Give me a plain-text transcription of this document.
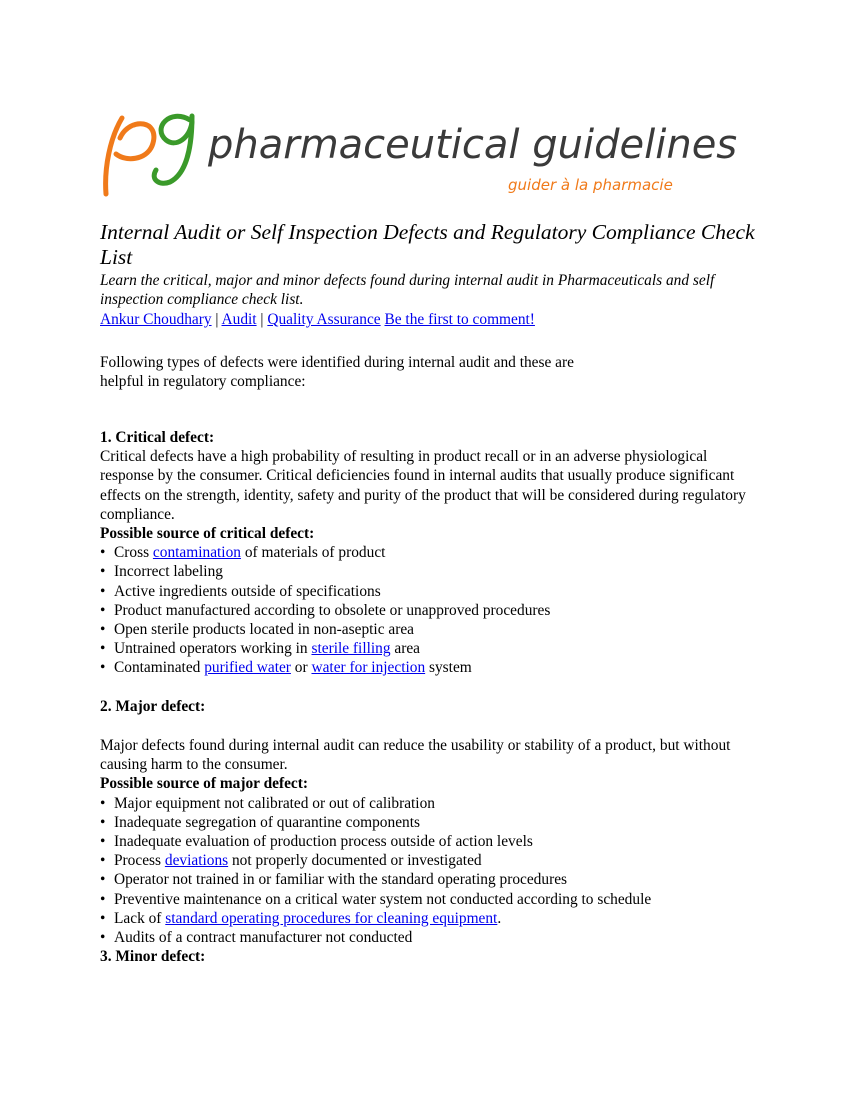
pharmaceutical guidelines
guider à la pharmacie
Internal Audit or Self Inspection Defects and Regulatory Compliance Check List
Learn the critical, major and minor defects found during internal audit in Pharmaceuticals and self inspection compliance check list.
Ankur Choudhary | Audit | Quality Assurance Be the first to comment!
Following types of defects were identified during internal audit and these are helpful in regulatory compliance:
1. Critical defect:
Critical defects have a high probability of resulting in product recall or in an adverse physiological response by the consumer. Critical deficiencies found in internal audits that usually produce significant effects on the strength, identity, safety and purity of the product that will be considered during regulatory compliance.
Possible source of critical defect:
• Cross contamination of materials of product
• Incorrect labeling
• Active ingredients outside of specifications
• Product manufactured according to obsolete or unapproved procedures
• Open sterile products located in non-aseptic area
• Untrained operators working in sterile filling area
• Contaminated purified water or water for injection system
2. Major defect:
Major defects found during internal audit can reduce the usability or stability of a product, but without causing harm to the consumer.
Possible source of major defect:
• Major equipment not calibrated or out of calibration
• Inadequate segregation of quarantine components
• Inadequate evaluation of production process outside of action levels
• Process deviations not properly documented or investigated
• Operator not trained in or familiar with the standard operating procedures
• Preventive maintenance on a critical water system not conducted according to schedule
• Lack of standard operating procedures for cleaning equipment.
• Audits of a contract manufacturer not conducted
3. Minor defect:
